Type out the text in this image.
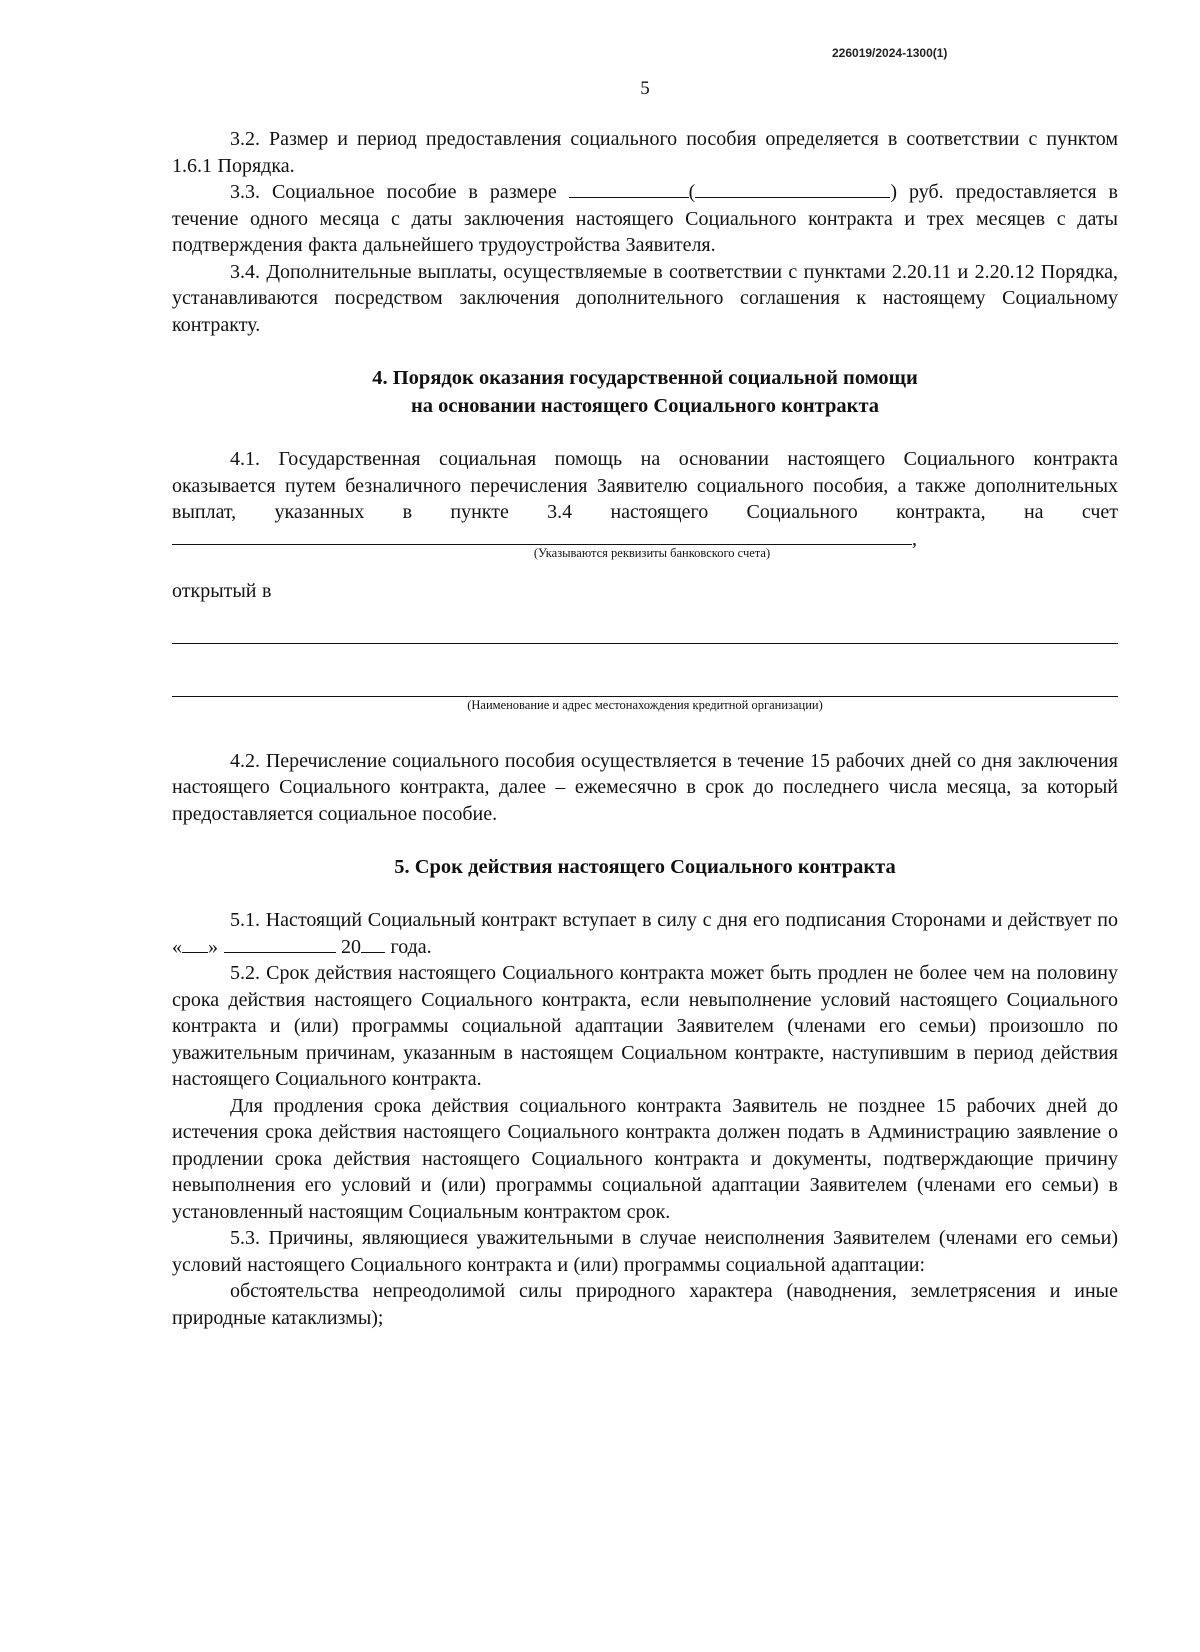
226019/2024-1300(1)
5

3.2. Размер и период предоставления социального пособия определяется в соответствии с пунктом 1.6.1 Порядка.

3.3. Социальное пособие в размере	(	) руб. предоставляется в течение одного месяца с даты заключения настоящего Социального контракта и трех месяцев с даты подтверждения факта дальнейшего трудоустройства Заявителя.

3.4. Дополнительные выплаты, осуществляемые в соответствии с пунктами 2.20.11 и 2.20.12 Порядка, устанавливаются посредством заключения дополнительного соглашения к настоящему Социальному контракту.

4. Порядок оказания государственной социальной помощи
на основании настоящего Социального контракта

4.1. Государственная социальная помощь на основании настоящего Социального контракта оказывается путем безналичного перечисления Заявителю социального пособия, а также дополнительных выплат, указанных в пункте 3.4 настоящего Социального контракта, на счет ,

(Указываются реквизиты банковского счета)

открытый в

(Наименование и адрес местонахождения кредитной организации)

4.2. Перечисление социального пособия осуществляется в течение 15 рабочих дней со дня заключения настоящего Социального контракта, далее – ежемесячно в срок до последнего числа месяца, за который предоставляется социальное пособие.

5. Срок действия настоящего Социального контракта

5.1. Настоящий Социальный контракт вступает в силу с дня его подписания Сторонами и действует по « »	20 года.

5.2. Срок действия настоящего Социального контракта может быть продлен не более чем на половину срока действия настоящего Социального контракта, если невыполнение условий настоящего Социального контракта и (или) программы социальной адаптации Заявителем (членами его семьи) произошло по уважительным причинам, указанным в настоящем Социальном контракте, наступившим в период действия настоящего Социального контракта.

Для продления срока действия социального контракта Заявитель не позднее 15 рабочих дней до истечения срока действия настоящего Социального контракта должен подать в Администрацию заявление о продлении срока действия настоящего Социального контракта и документы, подтверждающие причину невыполнения его условий и (или) программы социальной адаптации Заявителем (членами его семьи) в установленный настоящим Социальным контрактом срок.

5.3. Причины, являющиеся уважительными в случае неисполнения Заявителем (членами его семьи) условий настоящего Социального контракта и (или) программы социальной адаптации:

обстоятельства непреодолимой силы природного характера (наводнения, землетрясения и иные природные катаклизмы);
